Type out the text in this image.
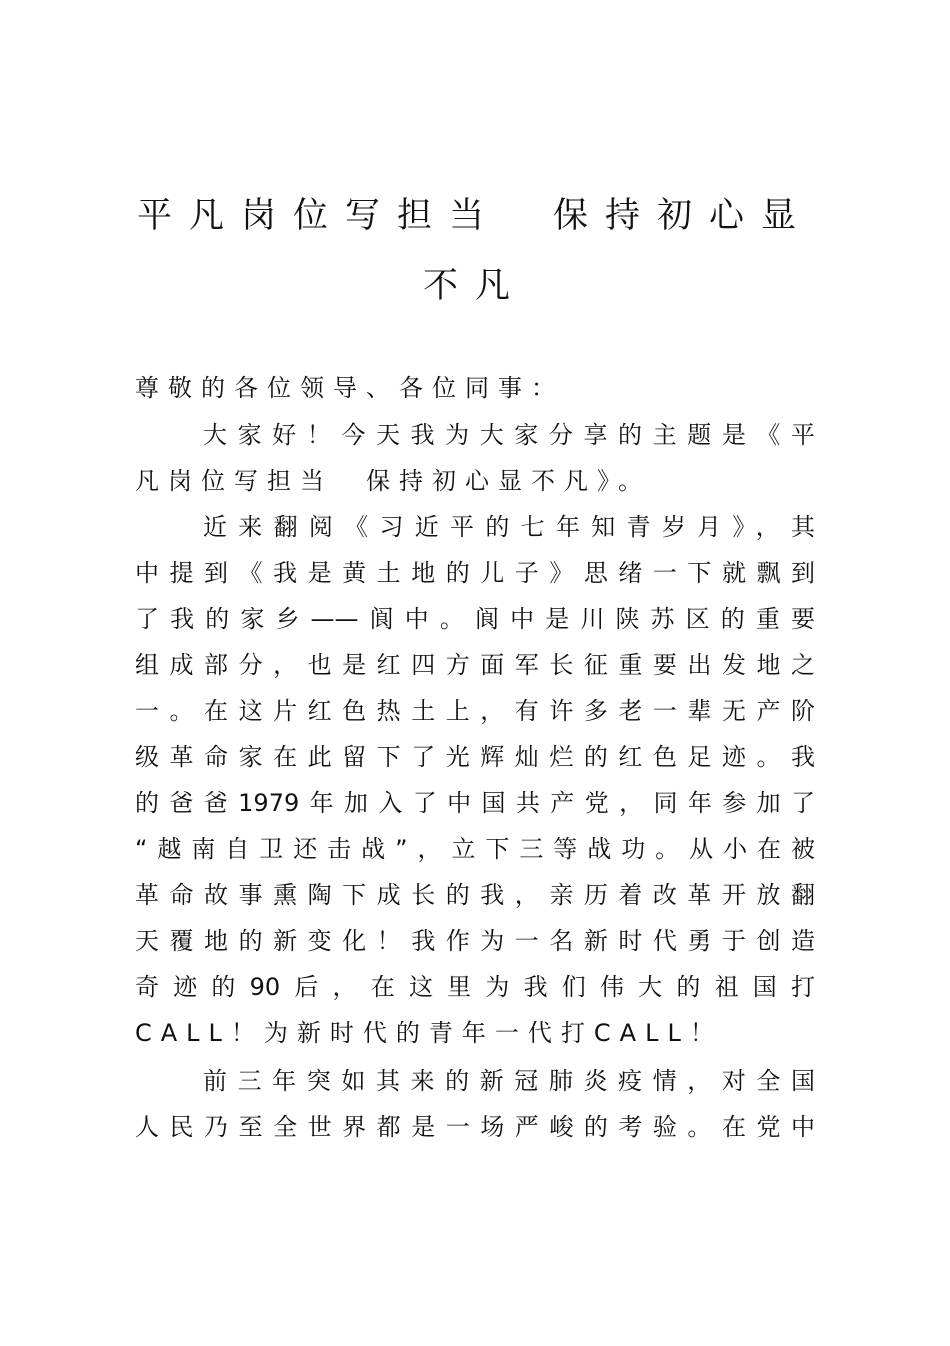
平凡岗位写担当　保持初心显
不凡
尊敬的各位领导、各位同事：
大家好！今天我为大家分享的主题是《平
凡岗位写担当　保持初心显不凡》。
近来翻阅《习近平的七年知青岁月》，其
中提到《我是黄土地的儿子》思绪一下就飘到
了我的家乡——阆中。阆中是川陕苏区的重要
组成部分，也是红四方面军长征重要出发地之
一。在这片红色热土上，有许多老一辈无产阶
级革命家在此留下了光辉灿烂的红色足迹。我
的爸爸1979年加入了中国共产党，同年参加了
“越南自卫还击战”，立下三等战功。从小在被
革命故事熏陶下成长的我，亲历着改革开放翻
天覆地的新变化！我作为一名新时代勇于创造
奇迹的90后，在这里为我们伟大的祖国打
CALL！为新时代的青年一代打CALL！
前三年突如其来的新冠肺炎疫情，对全国
人民乃至全世界都是一场严峻的考验。在党中
